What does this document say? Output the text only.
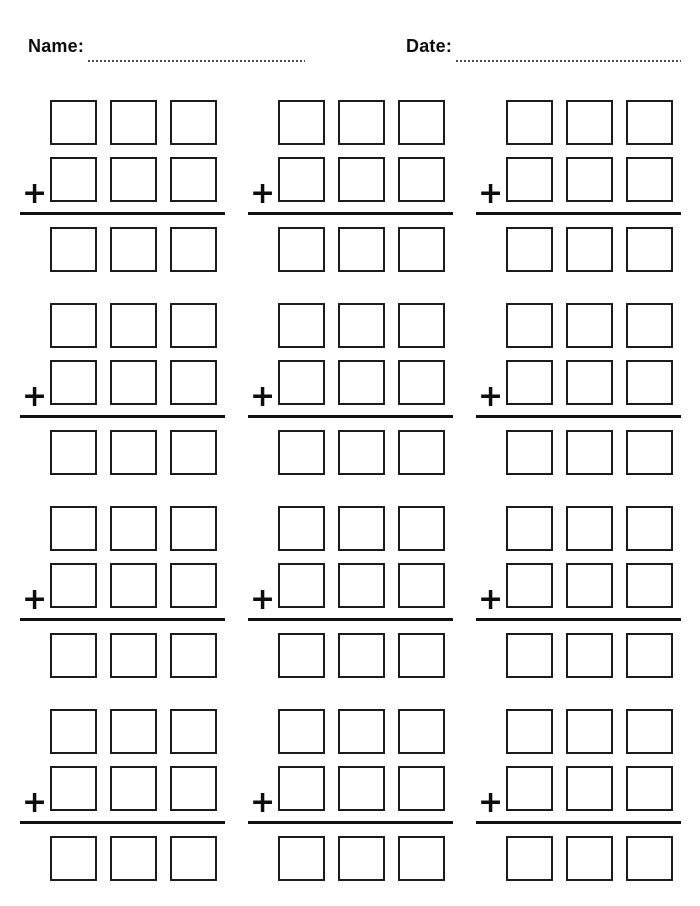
Name:	Date:
+	+	+
+	+	+
+	+	+
+	+	+
